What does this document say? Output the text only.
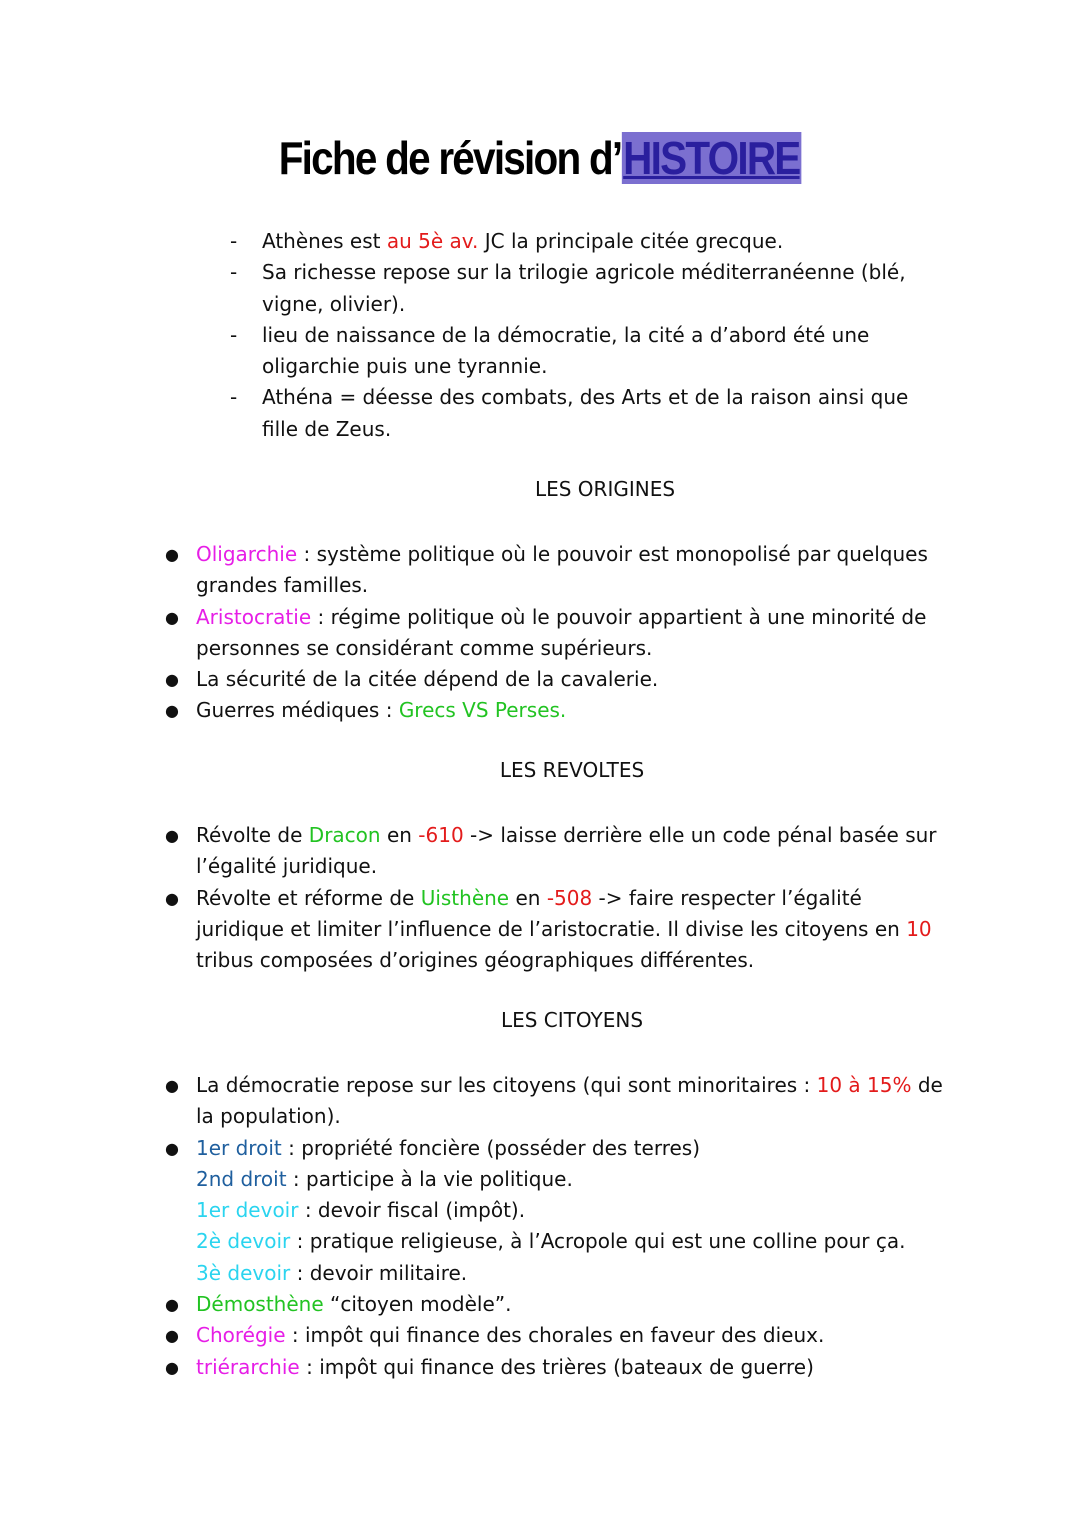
Fiche de révision d’HISTOIRE
- Athènes est au 5è av. JC la principale citée grecque.
- Sa richesse repose sur la trilogie agricole méditerranéenne (blé, vigne, olivier).
- lieu de naissance de la démocratie, la cité a d’abord été une oligarchie puis une tyrannie.
- Athéna = déesse des combats, des Arts et de la raison ainsi que fille de Zeus.
LES ORIGINES
● Oligarchie : système politique où le pouvoir est monopolisé par quelques grandes familles.
● Aristocratie : régime politique où le pouvoir appartient à une minorité de personnes se considérant comme supérieurs.
● La sécurité de la citée dépend de la cavalerie.
● Guerres médiques : Grecs VS Perses.
LES REVOLTES
● Révolte de Dracon en -610 -> laisse derrière elle un code pénal basée sur l’égalité juridique.
● Révolte et réforme de Uisthène en -508 -> faire respecter l’égalité juridique et limiter l’influence de l’aristocratie. Il divise les citoyens en 10 tribus composées d’origines géographiques différentes.
LES CITOYENS
● La démocratie repose sur les citoyens (qui sont minoritaires : 10 à 15% de la population).
● 1er droit : propriété foncière (posséder des terres)
2nd droit : participe à la vie politique.
1er devoir : devoir fiscal (impôt).
2è devoir : pratique religieuse, à l’Acropole qui est une colline pour ça.
3è devoir : devoir militaire.
● Démosthène “citoyen modèle”.
● Chorégie : impôt qui finance des chorales en faveur des dieux.
● triérarchie : impôt qui finance des trières (bateaux de guerre)
